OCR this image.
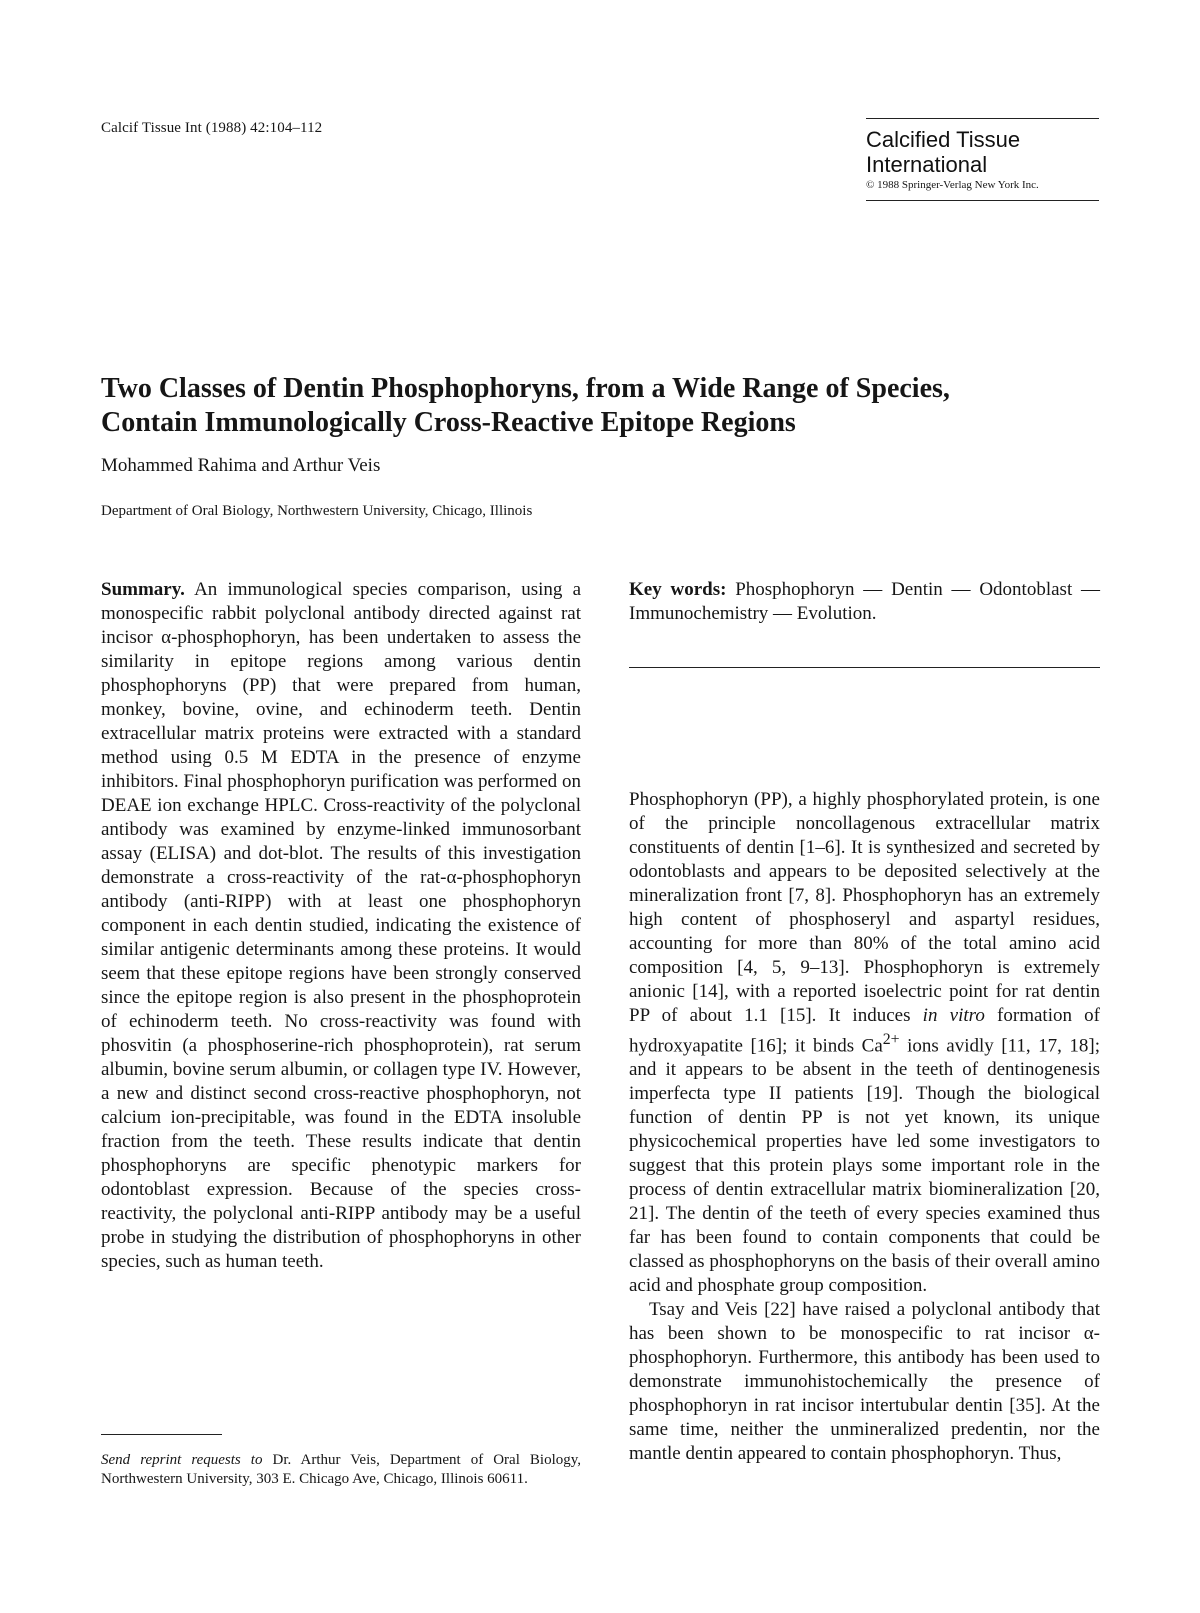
Calcif Tissue Int (1988) 42:104–112	Calcified Tissue
International
© 1988 Springer-Verlag New York Inc.
Two Classes of Dentin Phosphophoryns, from a Wide Range of Species,
Contain Immunologically Cross-Reactive Epitope Regions
Mohammed Rahima and Arthur Veis
Department of Oral Biology, Northwestern University, Chicago, Illinois

Summary. An immunological species comparison, using a monospecific rabbit polyclonal antibody directed against rat incisor α-phosphophoryn, has been undertaken to assess the similarity in epitope regions among various dentin phosphophoryns (PP) that were prepared from human, monkey, bovine, ovine, and echinoderm teeth. Dentin extracellular matrix proteins were extracted with a standard method using 0.5 M EDTA in the presence of enzyme inhibitors. Final phosphophoryn purification was performed on DEAE ion exchange HPLC. Cross-reactivity of the polyclonal antibody was examined by enzyme-linked immunosorbant assay (ELISA) and dot-blot. The results of this investigation demonstrate a cross-reactivity of the rat-α-phosphophoryn antibody (anti-RIPP) with at least one phosphophoryn component in each dentin studied, indicating the existence of similar antigenic determinants among these proteins. It would seem that these epitope regions have been strongly conserved since the epitope region is also present in the phosphoprotein of echinoderm teeth. No cross-reactivity was found with phosvitin (a phosphoserine-rich phosphoprotein), rat serum albumin, bovine serum albumin, or collagen type IV. However, a new and distinct second cross-reactive phosphophoryn, not calcium ion-precipitable, was found in the EDTA insoluble fraction from the teeth. These results indicate that dentin phosphophoryns are specific phenotypic markers for odontoblast expression. Because of the species cross-reactivity, the polyclonal anti-RIPP antibody may be a useful probe in studying the distribution of phosphophoryns in other species, such as human teeth.

Key words: Phosphophoryn — Dentin — Odontoblast — Immunochemistry — Evolution.

Phosphophoryn (PP), a highly phosphorylated protein, is one of the principle noncollagenous extracellular matrix constituents of dentin [1–6]. It is synthesized and secreted by odontoblasts and appears to be deposited selectively at the mineralization front [7, 8]. Phosphophoryn has an extremely high content of phosphoseryl and aspartyl residues, accounting for more than 80% of the total amino acid composition [4, 5, 9–13]. Phosphophoryn is extremely anionic [14], with a reported isoelectric point for rat dentin PP of about 1.1 [15]. It induces in vitro formation of hydroxyapatite [16]; it binds $Ca^{2+}$ ions avidly [11, 17, 18]; and it appears to be absent in the teeth of dentinogenesis imperfecta type II patients [19]. Though the biological function of dentin PP is not yet known, its unique physicochemical properties have led some investigators to suggest that this protein plays some important role in the process of dentin extracellular matrix biomineralization [20, 21]. The dentin of the teeth of every species examined thus far has been found to contain components that could be classed as phosphophoryns on the basis of their overall amino acid and phosphate group composition.

Tsay and Veis [22] have raised a polyclonal antibody that has been shown to be monospecific to rat incisor α-phosphophoryn. Furthermore, this antibody has been used to demonstrate immunohistochemically the presence of phosphophoryn in rat incisor intertubular dentin [35]. At the same time, neither the unmineralized predentin, nor the mantle dentin appeared to contain phosphophoryn. Thus,

Send reprint requests to Dr. Arthur Veis, Department of Oral Biology, Northwestern University, 303 E. Chicago Ave, Chicago, Illinois 60611.
